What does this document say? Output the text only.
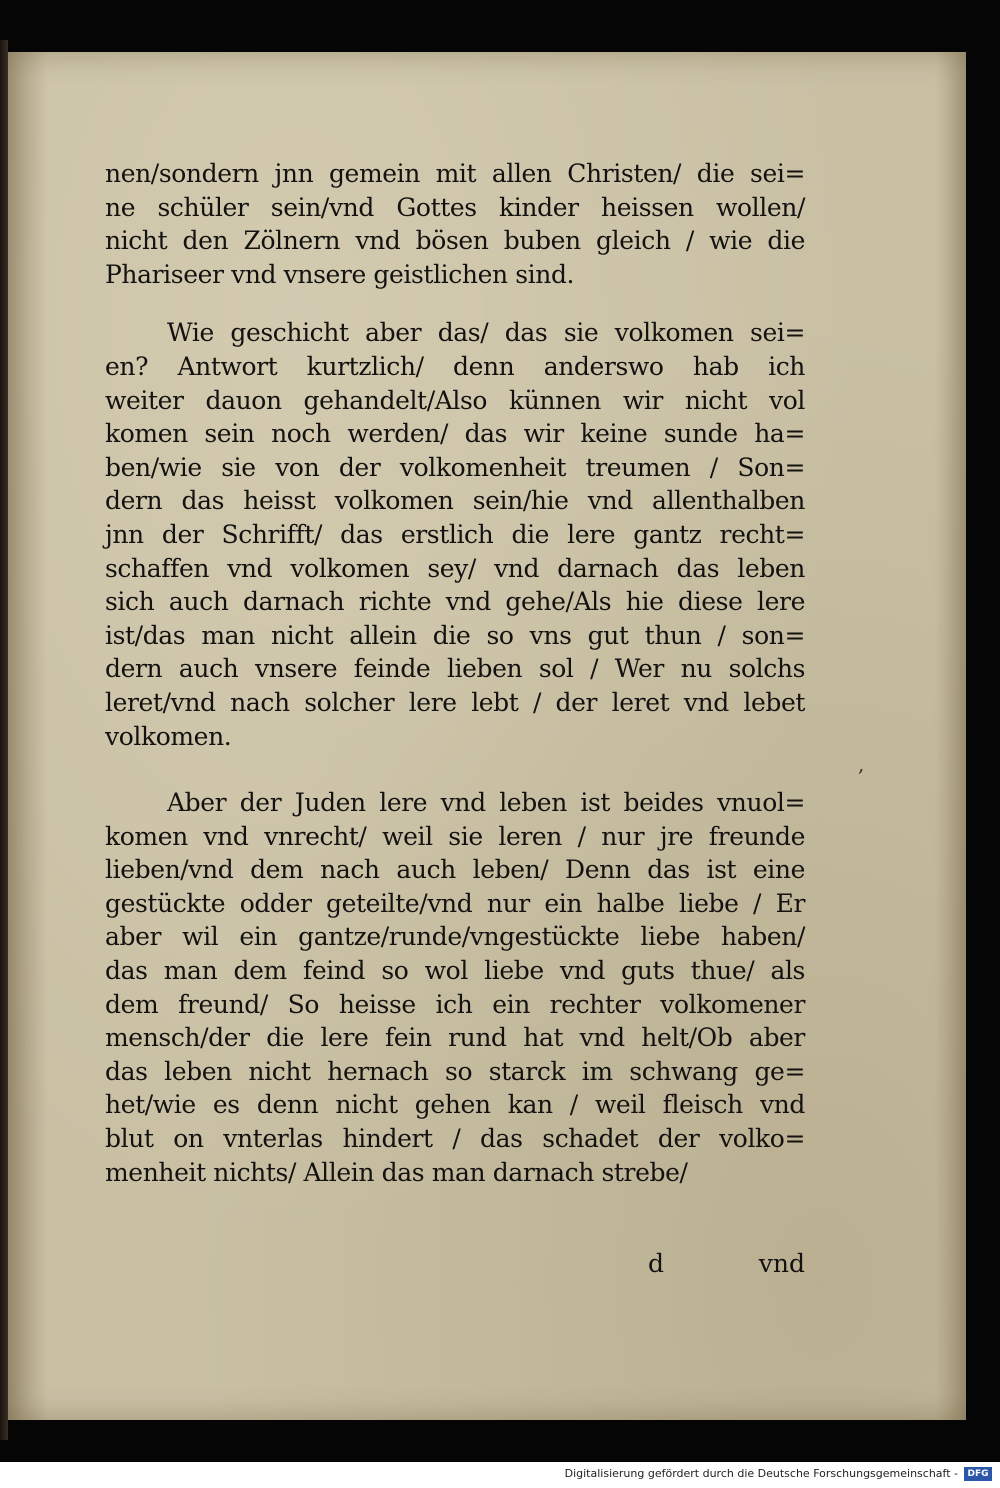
nen/sondern jnn gemein mit allen Christen/ die sei=
ne schüler sein/vnd Gottes kinder heissen wollen/
nicht den Zölnern vnd bösen buben gleich / wie die
Phariseer vnd vnsere geistlichen sind.

Wie geschicht aber das/ das sie volkomen sei=
en? Antwort kurtzlich/ denn anderswo hab ich
weiter dauon gehandelt/Also künnen wir nicht vol
komen sein noch werden/ das wir keine sunde ha=
ben/wie sie von der volkomenheit treumen / Son=
dern das heisst volkomen sein/hie vnd allenthalben
jnn der Schrifft/ das erstlich die lere gantz recht=
schaffen vnd volkomen sey/ vnd darnach das leben
sich auch darnach richte vnd gehe/Als hie diese lere
ist/das man nicht allein die so vns gut thun / son=
dern auch vnsere feinde lieben sol / Wer nu solchs
leret/vnd nach solcher lere lebt / der leret vnd lebet
volkomen.

Aber der Juden lere vnd leben ist beides vnuol=
komen vnd vnrecht/ weil sie leren / nur jre freunde
lieben/vnd dem nach auch leben/ Denn das ist eine
gestückte odder geteilte/vnd nur ein halbe liebe / Er
aber wil ein gantze/runde/vngestückte liebe haben/
das man dem feind so wol liebe vnd guts thue/ als
dem freund/ So heisse ich ein rechter volkomener
mensch/der die lere fein rund hat vnd helt/Ob aber
das leben nicht hernach so starck im schwang ge=
het/wie es denn nicht gehen kan / weil fleisch vnd
blut on vnterlas hindert / das schadet der volko=
menheit nichts/ Allein das man darnach strebe/

d	vnd
,
Digitalisierung gefördert durch die Deutsche Forschungsgemeinschaft -	DFG
